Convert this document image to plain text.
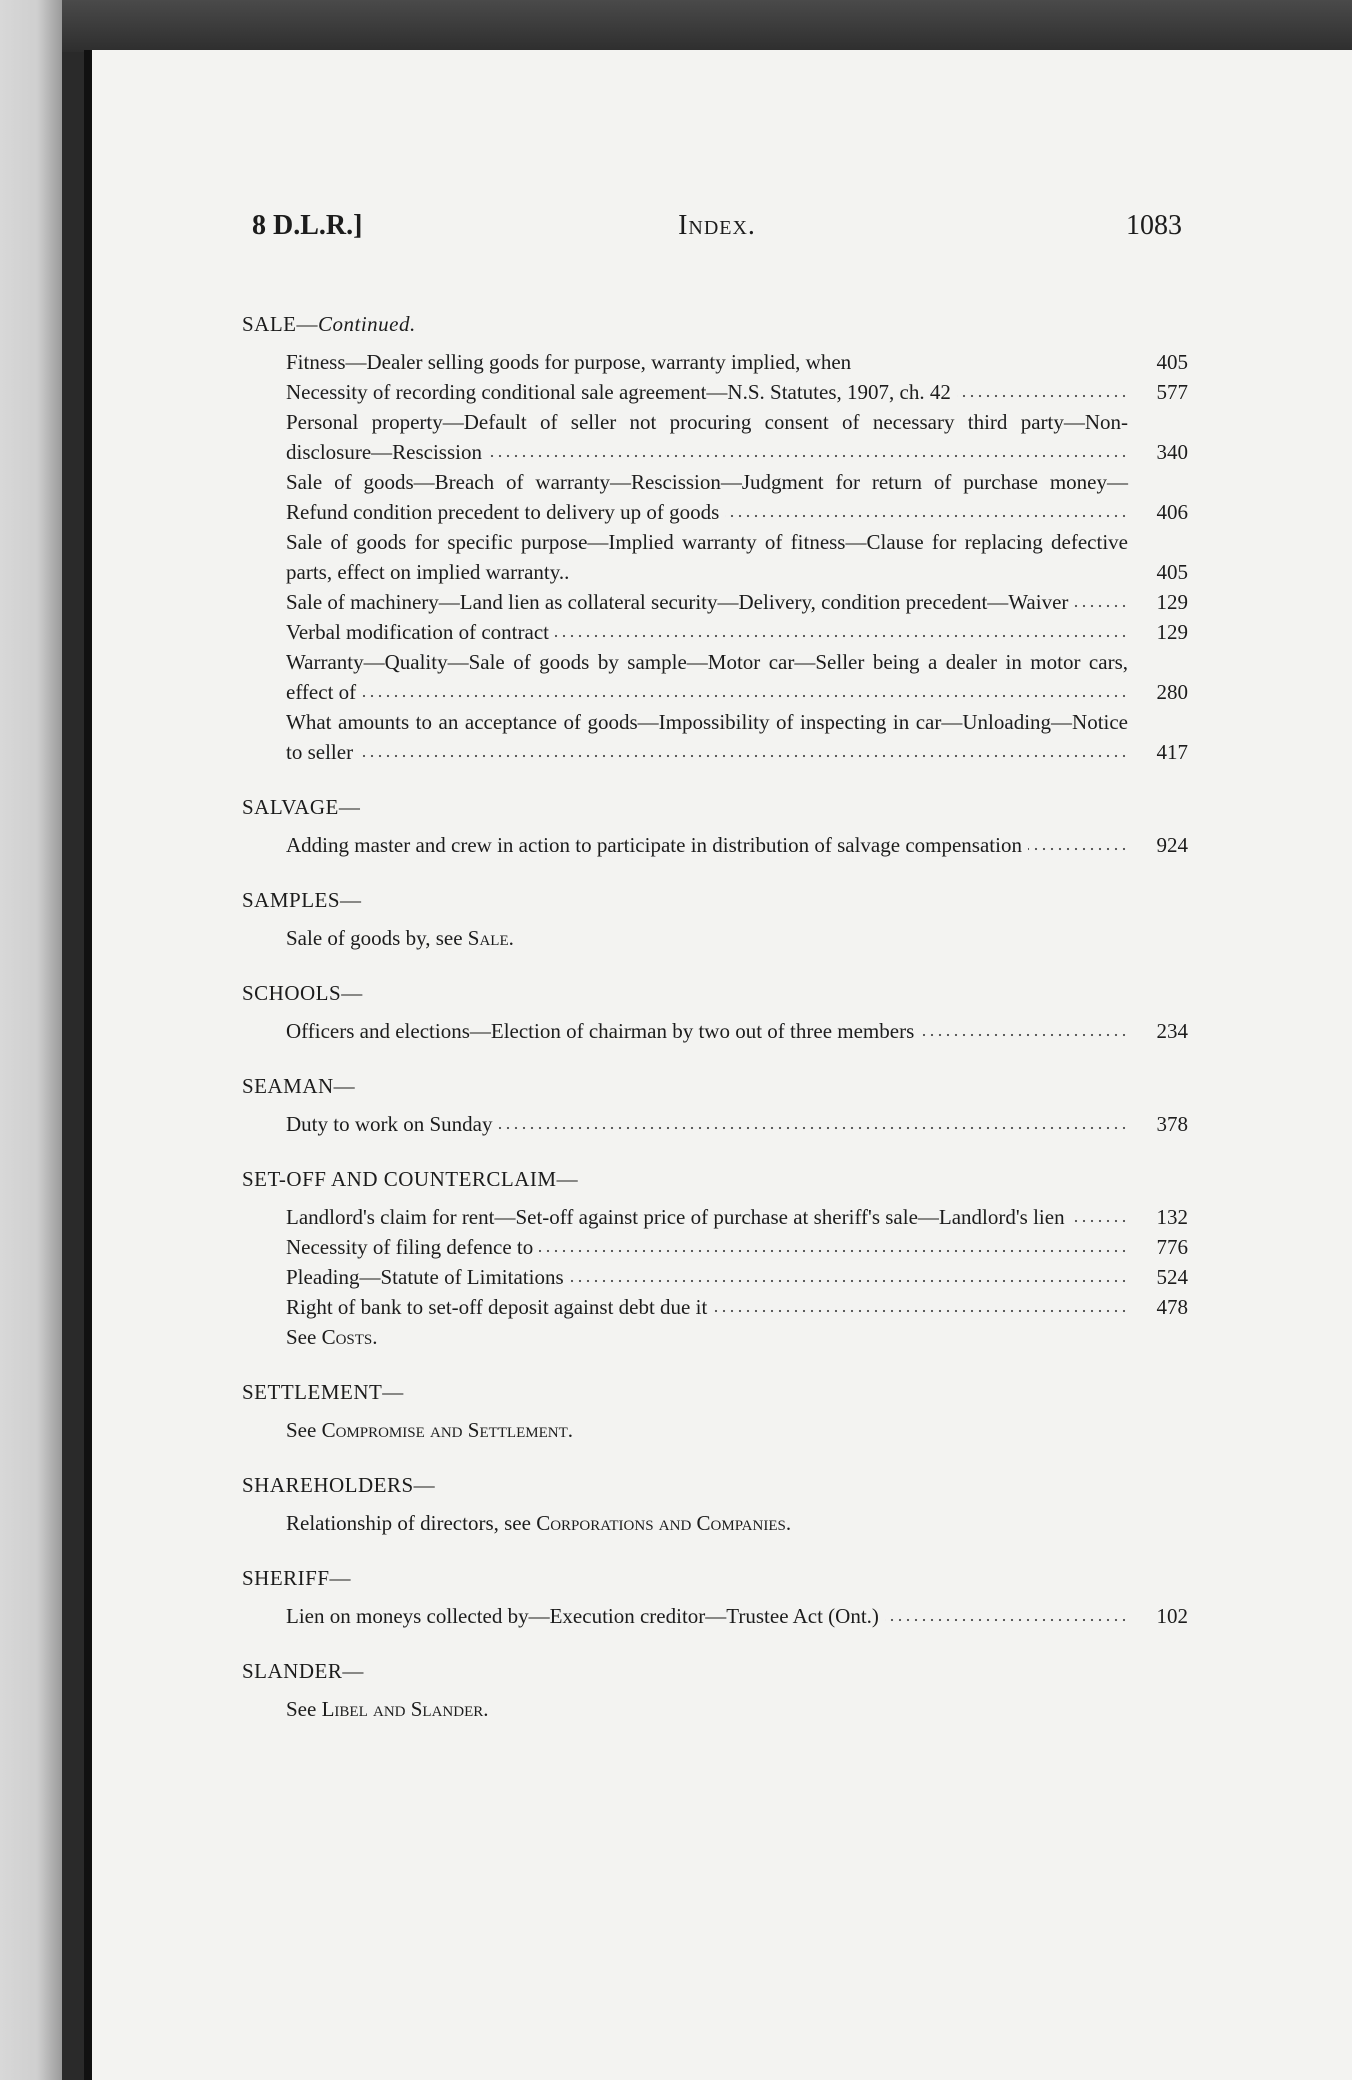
8 D.L.R.]	Index.	1083
SALE—Continued.
Fitness—Dealer selling goods for purpose, warranty implied, when	405
Necessity of recording conditional sale agreement—N.S. Statutes, 1907, ch. 42	577
Personal property—Default of seller not procuring consent of necessary third party—Non-disclosure—Rescission	340
Sale of goods—Breach of warranty—Rescission—Judgment for return of purchase money—Refund condition precedent to delivery up of goods	406
Sale of goods for specific purpose—Implied warranty of fitness—Clause for replacing defective parts, effect on implied warranty..	405
Sale of machinery—Land lien as collateral security—Delivery, condition precedent—Waiver	129
Verbal modification of contract	129
Warranty—Quality—Sale of goods by sample—Motor car—Seller being a dealer in motor cars, effect of	280
What amounts to an acceptance of goods—Impossibility of inspecting in car—Unloading—Notice to seller	417
SALVAGE—
Adding master and crew in action to participate in distribution of salvage compensation	924
SAMPLES—
Sale of goods by, see Sale.
SCHOOLS—
Officers and elections—Election of chairman by two out of three members	234
SEAMAN—
Duty to work on Sunday	378
SET-OFF AND COUNTERCLAIM—
Landlord's claim for rent—Set-off against price of purchase at sheriff's sale—Landlord's lien	132
Necessity of filing defence to	776
Pleading—Statute of Limitations	524
Right of bank to set-off deposit against debt due it	478
See Costs.
SETTLEMENT—
See Compromise and Settlement.
SHAREHOLDERS—
Relationship of directors, see Corporations and Companies.
SHERIFF—
Lien on moneys collected by—Execution creditor—Trustee Act (Ont.)	102
SLANDER—
See Libel and Slander.
